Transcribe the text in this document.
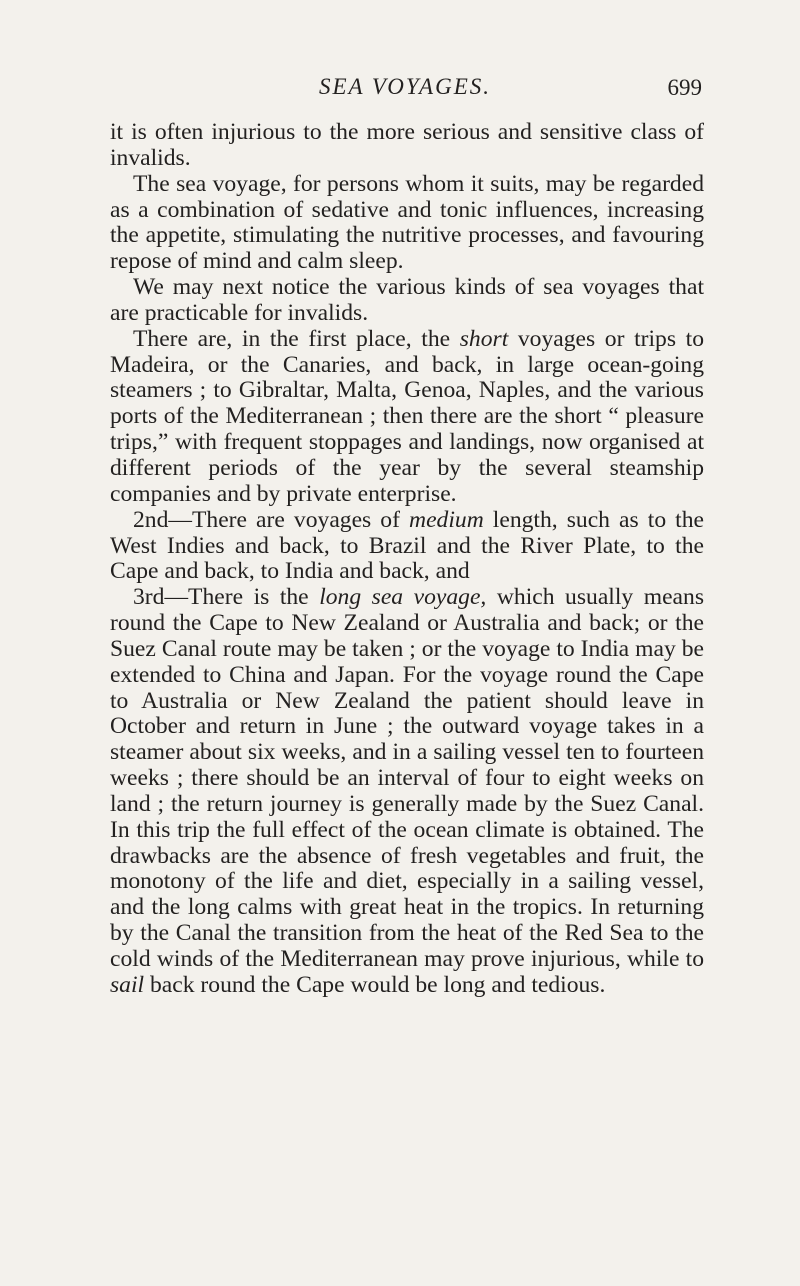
SEA VOYAGES.	699

it is often injurious to the more serious and sensitive class of invalids.

The sea voyage, for persons whom it suits, may be regarded as a combination of sedative and tonic influences, increasing the appetite, stimulating the nutritive processes, and favouring repose of mind and calm sleep.

We may next notice the various kinds of sea voyages that are practicable for invalids.

There are, in the first place, the short voyages or trips to Madeira, or the Canaries, and back, in large ocean-going steamers ; to Gibraltar, Malta, Genoa, Naples, and the various ports of the Mediterranean ; then there are the short “ pleasure trips,” with frequent stoppages and landings, now organised at different periods of the year by the several steamship companies and by private enterprise.

2nd—There are voyages of medium length, such as to the West Indies and back, to Brazil and the River Plate, to the Cape and back, to India and back, and

3rd—There is the long sea voyage, which usually means round the Cape to New Zealand or Australia and back; or the Suez Canal route may be taken ; or the voyage to India may be extended to China and Japan. For the voyage round the Cape to Australia or New Zealand the patient should leave in October and return in June ; the outward voyage takes in a steamer about six weeks, and in a sailing vessel ten to fourteen weeks ; there should be an interval of four to eight weeks on land ; the return journey is generally made by the Suez Canal. In this trip the full effect of the ocean climate is obtained. The drawbacks are the absence of fresh vegetables and fruit, the monotony of the life and diet, especially in a sailing vessel, and the long calms with great heat in the tropics. In returning by the Canal the transition from the heat of the Red Sea to the cold winds of the Mediterranean may prove injurious, while to sail back round the Cape would be long and tedious.
